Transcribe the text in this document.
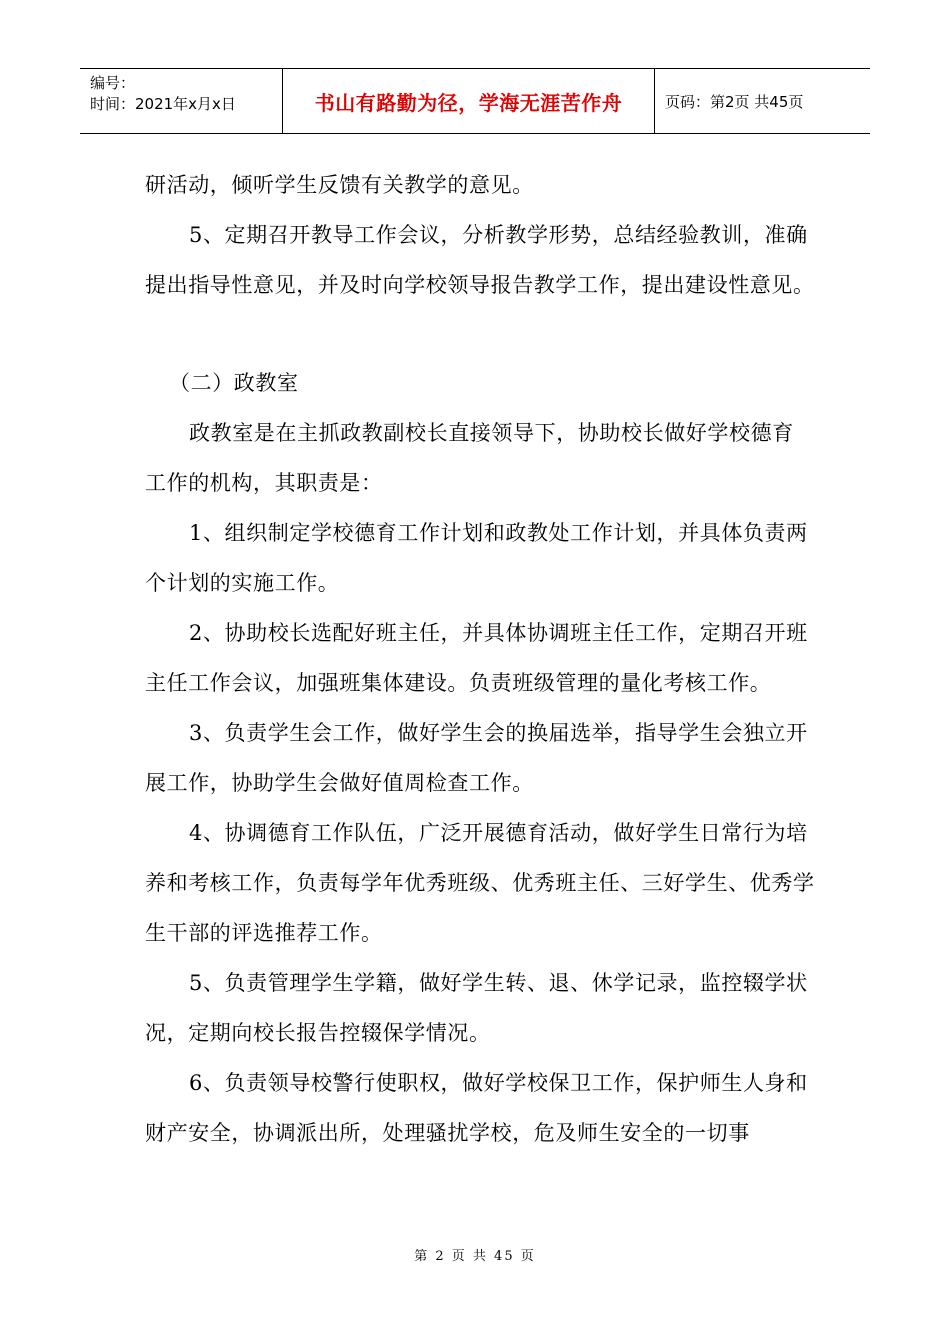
编号：
时间：2021年x月x日	书山有路勤为径，学海无涯苦作舟	页码：第2页 共45页

研活动，倾听学生反馈有关教学的意见。

5、定期召开教导工作会议，分析教学形势，总结经验教训，准确提出指导性意见，并及时向学校领导报告教学工作，提出建设性意见。

（二）政教室

政教室是在主抓政教副校长直接领导下，协助校长做好学校德育工作的机构，其职责是：

1、组织制定学校德育工作计划和政教处工作计划，并具体负责两个计划的实施工作。

2、协助校长选配好班主任，并具体协调班主任工作，定期召开班主任工作会议，加强班集体建设。负责班级管理的量化考核工作。

3、负责学生会工作，做好学生会的换届选举，指导学生会独立开展工作，协助学生会做好值周检查工作。

4、协调德育工作队伍，广泛开展德育活动，做好学生日常行为培养和考核工作，负责每学年优秀班级、优秀班主任、三好学生、优秀学生干部的评选推荐工作。

5、负责管理学生学籍，做好学生转、退、休学记录，监控辍学状况，定期向校长报告控辍保学情况。

6、负责领导校警行使职权，做好学校保卫工作，保护师生人身和财产安全，协调派出所，处理骚扰学校，危及师生安全的一切事

第 2 页 共 45 页
